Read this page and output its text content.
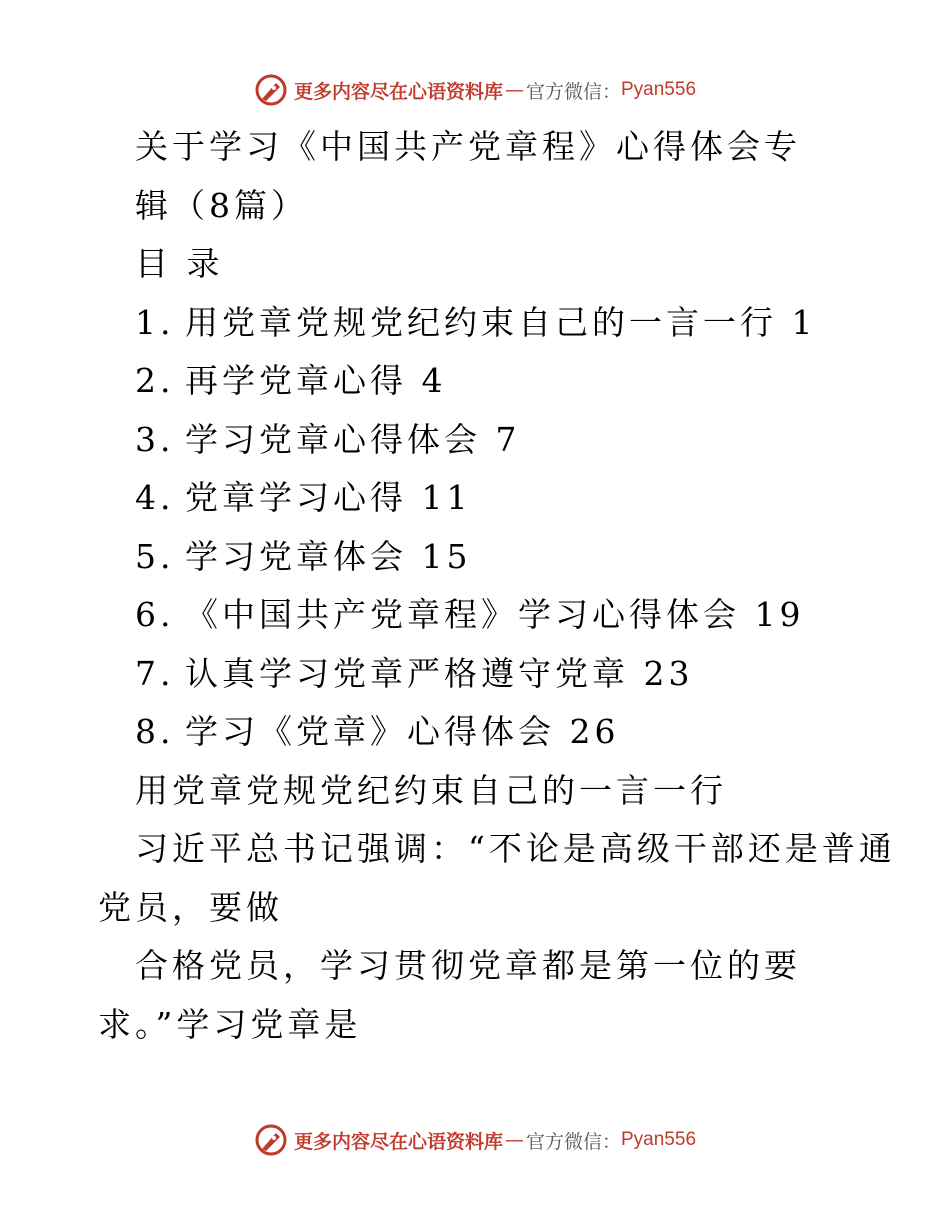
更多内容尽在心语资料库 — 官方微信： Pyan556
关于学习《中国共产党章程》心得体会专
辑（8篇）
目 录
1. 用党章党规党纪约束自己的一言一行 1
2. 再学党章心得 4
3. 学习党章心得体会 7
4. 党章学习心得 11
5. 学习党章体会 15
6. 《中国共产党章程》学习心得体会 19
7. 认真学习党章严格遵守党章 23
8. 学习《党章》心得体会 26
用党章党规党纪约束自己的一言一行
习近平总书记强调：“不论是高级干部还是普通
党员，要做
合格党员，学习贯彻党章都是第一位的要
求。”学习党章是
更多内容尽在心语资料库 — 官方微信： Pyan556
